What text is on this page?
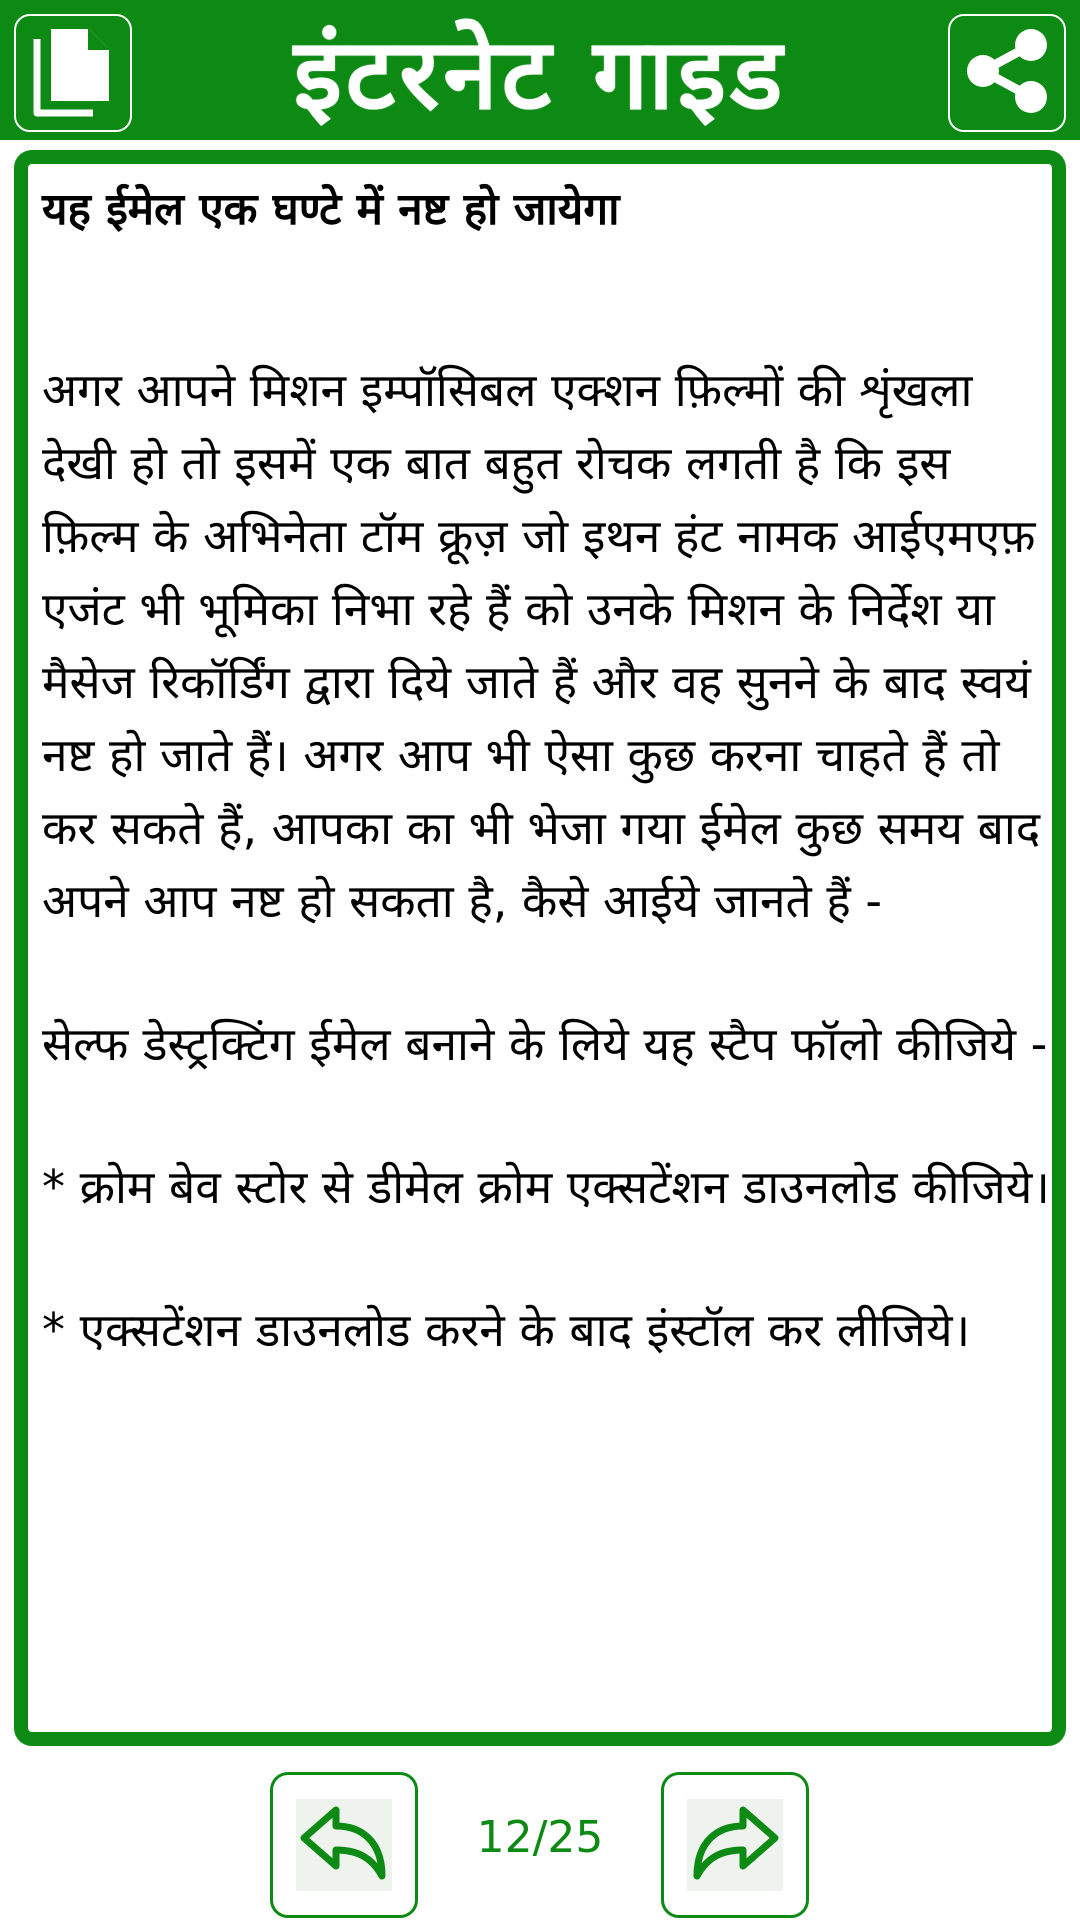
इंटरनेट गाइड

यह ईमेल एक घण्टे में नष्ट हो जायेगा

अगर आपने मिशन इम्पॉसिबल एक्शन फ़िल्मों की शृंखला देखी हो तो इसमें एक बात बहुत रोचक लगती है कि इस फ़िल्म के अभिनेता टॉम क्रूज़ जो इथन हंट नामक आईएमएफ़ एजंट भी भूमिका निभा रहे हैं को उनके मिशन के निर्देश या मैसेज रिकॉर्डिंग द्वारा दिये जाते हैं और वह सुनने के बाद स्वयं नष्ट हो जाते हैं। अगर आप भी ऐसा कुछ करना चाहते हैं तो कर सकते हैं, आपका का भी भेजा गया ईमेल कुछ समय बाद अपने आप नष्ट हो सकता है, कैसे आईये जानते हैं -

सेल्फ डेस्ट्रक्टिंग ईमेल बनाने के लिये यह स्टैप फॉलो कीजिये -

* क्रोम बेव स्टोर से डीमेल क्रोम एक्सटेंशन डाउनलोड कीजिये।

* एक्सटेंशन डाउनलोड करने के बाद इंस्टॉल कर लीजिये।

12/25
